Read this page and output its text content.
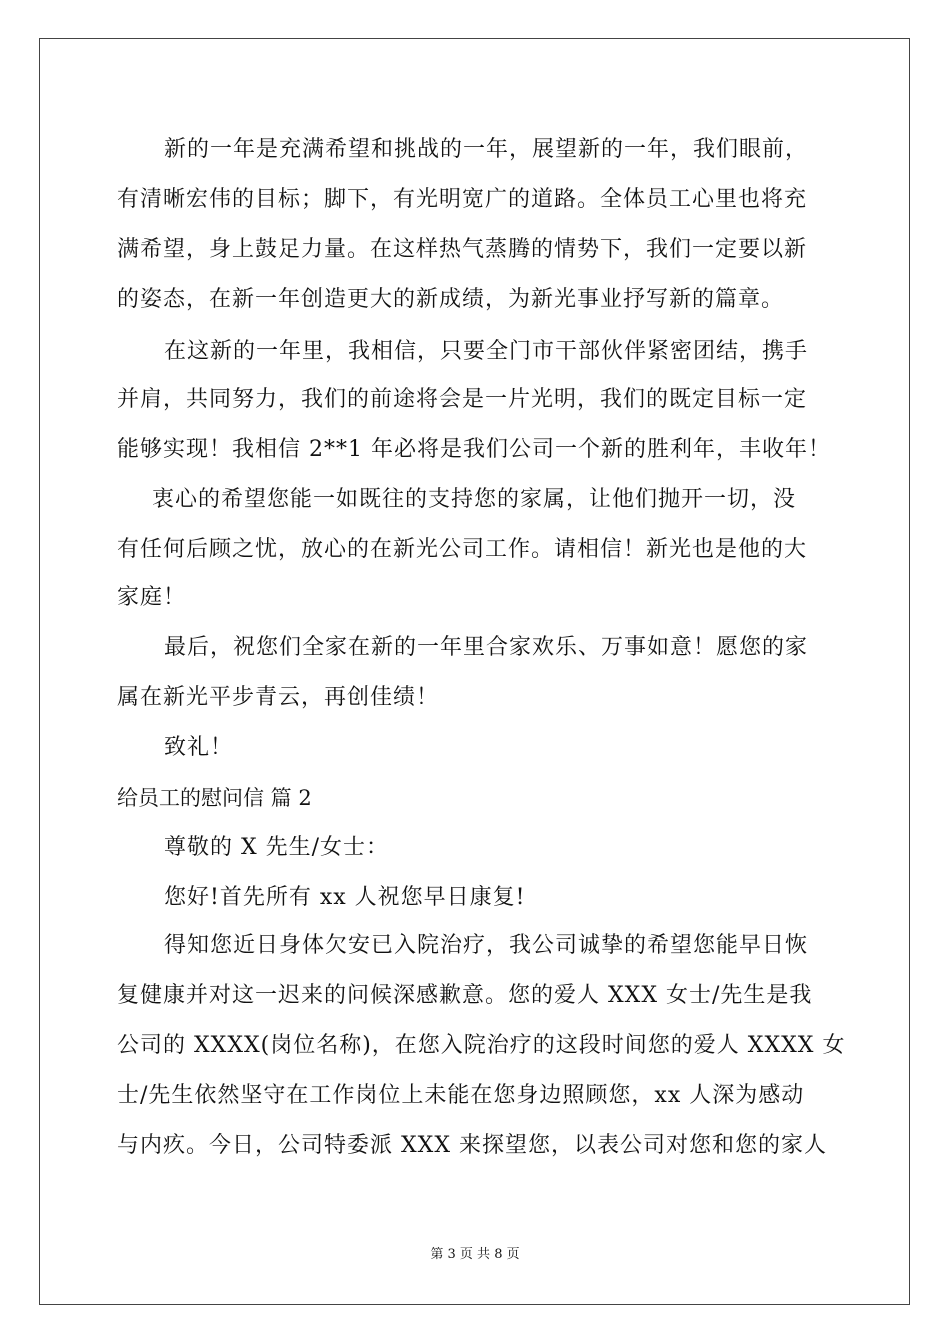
新的一年是充满希望和挑战的一年，展望新的一年，我们眼前，
有清晰宏伟的目标；脚下，有光明宽广的道路。全体员工心里也将充
满希望，身上鼓足力量。在这样热气蒸腾的情势下，我们一定要以新
的姿态，在新一年创造更大的新成绩，为新光事业抒写新的篇章。
在这新的一年里，我相信，只要全门市干部伙伴紧密团结，携手
并肩，共同努力，我们的前途将会是一片光明，我们的既定目标一定
能够实现！我相信 2**1 年必将是我们公司一个新的胜利年，丰收年！
衷心的希望您能一如既往的支持您的家属，让他们抛开一切，没
有任何后顾之忧，放心的在新光公司工作。请相信！新光也是他的大
家庭！
最后，祝您们全家在新的一年里合家欢乐、万事如意！愿您的家
属在新光平步青云，再创佳绩！
致礼！
给员工的慰问信 篇 2
尊敬的 X 先生/女士：
您好!首先所有 xx 人祝您早日康复!
得知您近日身体欠安已入院治疗，我公司诚挚的希望您能早日恢
复健康并对这一迟来的问候深感歉意。您的爱人 XXX 女士/先生是我
公司的 XXXX(岗位名称)，在您入院治疗的这段时间您的爱人 XXXX 女
士/先生依然坚守在工作岗位上未能在您身边照顾您，xx 人深为感动
与内疚。今日，公司特委派 XXX 来探望您，以表公司对您和您的家人
第 3 页 共 8 页
